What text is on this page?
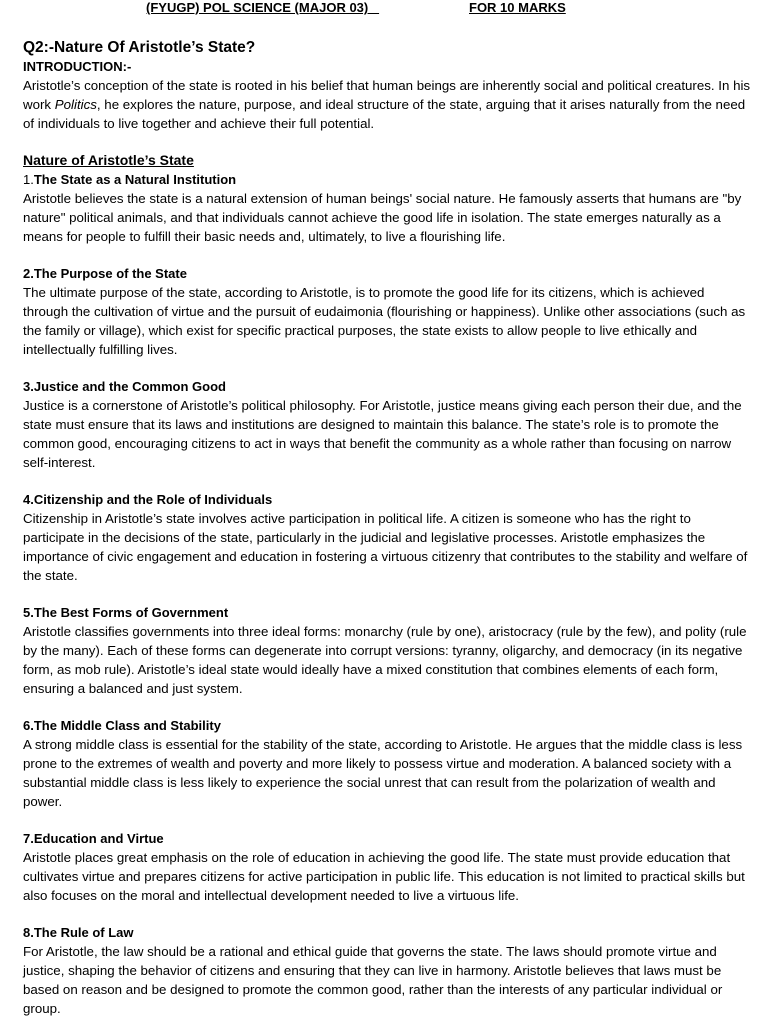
(FYUGP) POL SCIENCE (MAJOR 03)	FOR 10 MARKS
Q2:-Nature Of Aristotle’s State?
INTRODUCTION:-

Aristotle’s conception of the state is rooted in his belief that human beings are inherently social and political creatures. In his work Politics, he explores the nature, purpose, and ideal structure of the state, arguing that it arises naturally from the need of individuals to live together and achieve their full potential.

Nature of Aristotle’s State
1.The State as a Natural Institution

Aristotle believes the state is a natural extension of human beings' social nature. He famously asserts that humans are "by nature" political animals, and that individuals cannot achieve the good life in isolation. The state emerges naturally as a means for people to fulfill their basic needs and, ultimately, to live a flourishing life.

2.The Purpose of the State

The ultimate purpose of the state, according to Aristotle, is to promote the good life for its citizens, which is achieved through the cultivation of virtue and the pursuit of eudaimonia (flourishing or happiness). Unlike other associations (such as the family or village), which exist for specific practical purposes, the state exists to allow people to live ethically and intellectually fulfilling lives.

3.Justice and the Common Good

Justice is a cornerstone of Aristotle’s political philosophy. For Aristotle, justice means giving each person their due, and the state must ensure that its laws and institutions are designed to maintain this balance. The state’s role is to promote the common good, encouraging citizens to act in ways that benefit the community as a whole rather than focusing on narrow self-interest.

4.Citizenship and the Role of Individuals

Citizenship in Aristotle’s state involves active participation in political life. A citizen is someone who has the right to participate in the decisions of the state, particularly in the judicial and legislative processes. Aristotle emphasizes the importance of civic engagement and education in fostering a virtuous citizenry that contributes to the stability and welfare of the state.

5.The Best Forms of Government

Aristotle classifies governments into three ideal forms: monarchy (rule by one), aristocracy (rule by the few), and polity (rule by the many). Each of these forms can degenerate into corrupt versions: tyranny, oligarchy, and democracy (in its negative form, as mob rule). Aristotle’s ideal state would ideally have a mixed constitution that combines elements of each form, ensuring a balanced and just system.

6.The Middle Class and Stability

A strong middle class is essential for the stability of the state, according to Aristotle. He argues that the middle class is less prone to the extremes of wealth and poverty and more likely to possess virtue and moderation. A balanced society with a substantial middle class is less likely to experience the social unrest that can result from the polarization of wealth and power.

7.Education and Virtue

Aristotle places great emphasis on the role of education in achieving the good life. The state must provide education that cultivates virtue and prepares citizens for active participation in public life. This education is not limited to practical skills but also focuses on the moral and intellectual development needed to live a virtuous life.

8.The Rule of Law

For Aristotle, the law should be a rational and ethical guide that governs the state. The laws should promote virtue and justice, shaping the behavior of citizens and ensuring that they can live in harmony. Aristotle believes that laws must be based on reason and be designed to promote the common good, rather than the interests of any particular individual or group.
